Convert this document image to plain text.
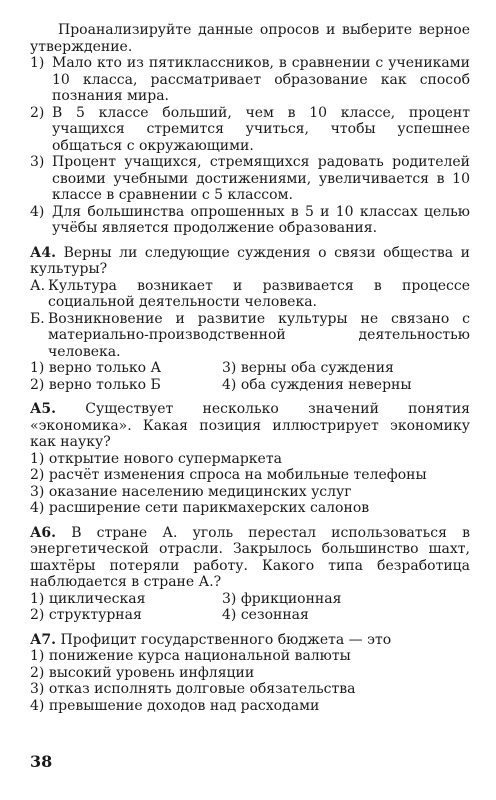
Проанализируйте данные опросов и выберите верное утверждение.

1) Мало кто из пятиклассников, в сравнении с учениками 10 класса, рассматривает образование как способ познания мира.
2) В 5 классе больший, чем в 10 классе, процент учащихся стремится учиться, чтобы успешнее общаться с окружающими.
3) Процент учащихся, стремящихся радовать родителей своими учебными достижениями, увеличивается в 10 классе в сравнении с 5 классом.
4) Для большинства опрошенных в 5 и 10 классах целью учёбы является продолжение образования.

А4. Верны ли следующие суждения о связи общества и культуры?

А. Культура возникает и развивается в процессе социальной деятельности человека.
Б. Возникновение и развитие культуры не связано с материально-производственной деятельностью человека.
1) верно только А	3) верны оба суждения
2) верно только Б	4) оба суждения неверны

А5. Существует несколько значений понятия «экономика». Какая позиция иллюстрирует экономику как науку?

1) открытие нового супермаркета
2) расчёт изменения спроса на мобильные телефоны
3) оказание населению медицинских услуг
4) расширение сети парикмахерских салонов

А6. В стране А. уголь перестал использоваться в энергетической отрасли. Закрылось большинство шахт, шахтёры потеряли работу. Какого типа безработица наблюдается в стране А.?

1) циклическая	3) фрикционная
2) структурная	4) сезонная

А7. Профицит государственного бюджета — это

1) понижение курса национальной валюты
2) высокий уровень инфляции
3) отказ исполнять долговые обязательства
4) превышение доходов над расходами
38
